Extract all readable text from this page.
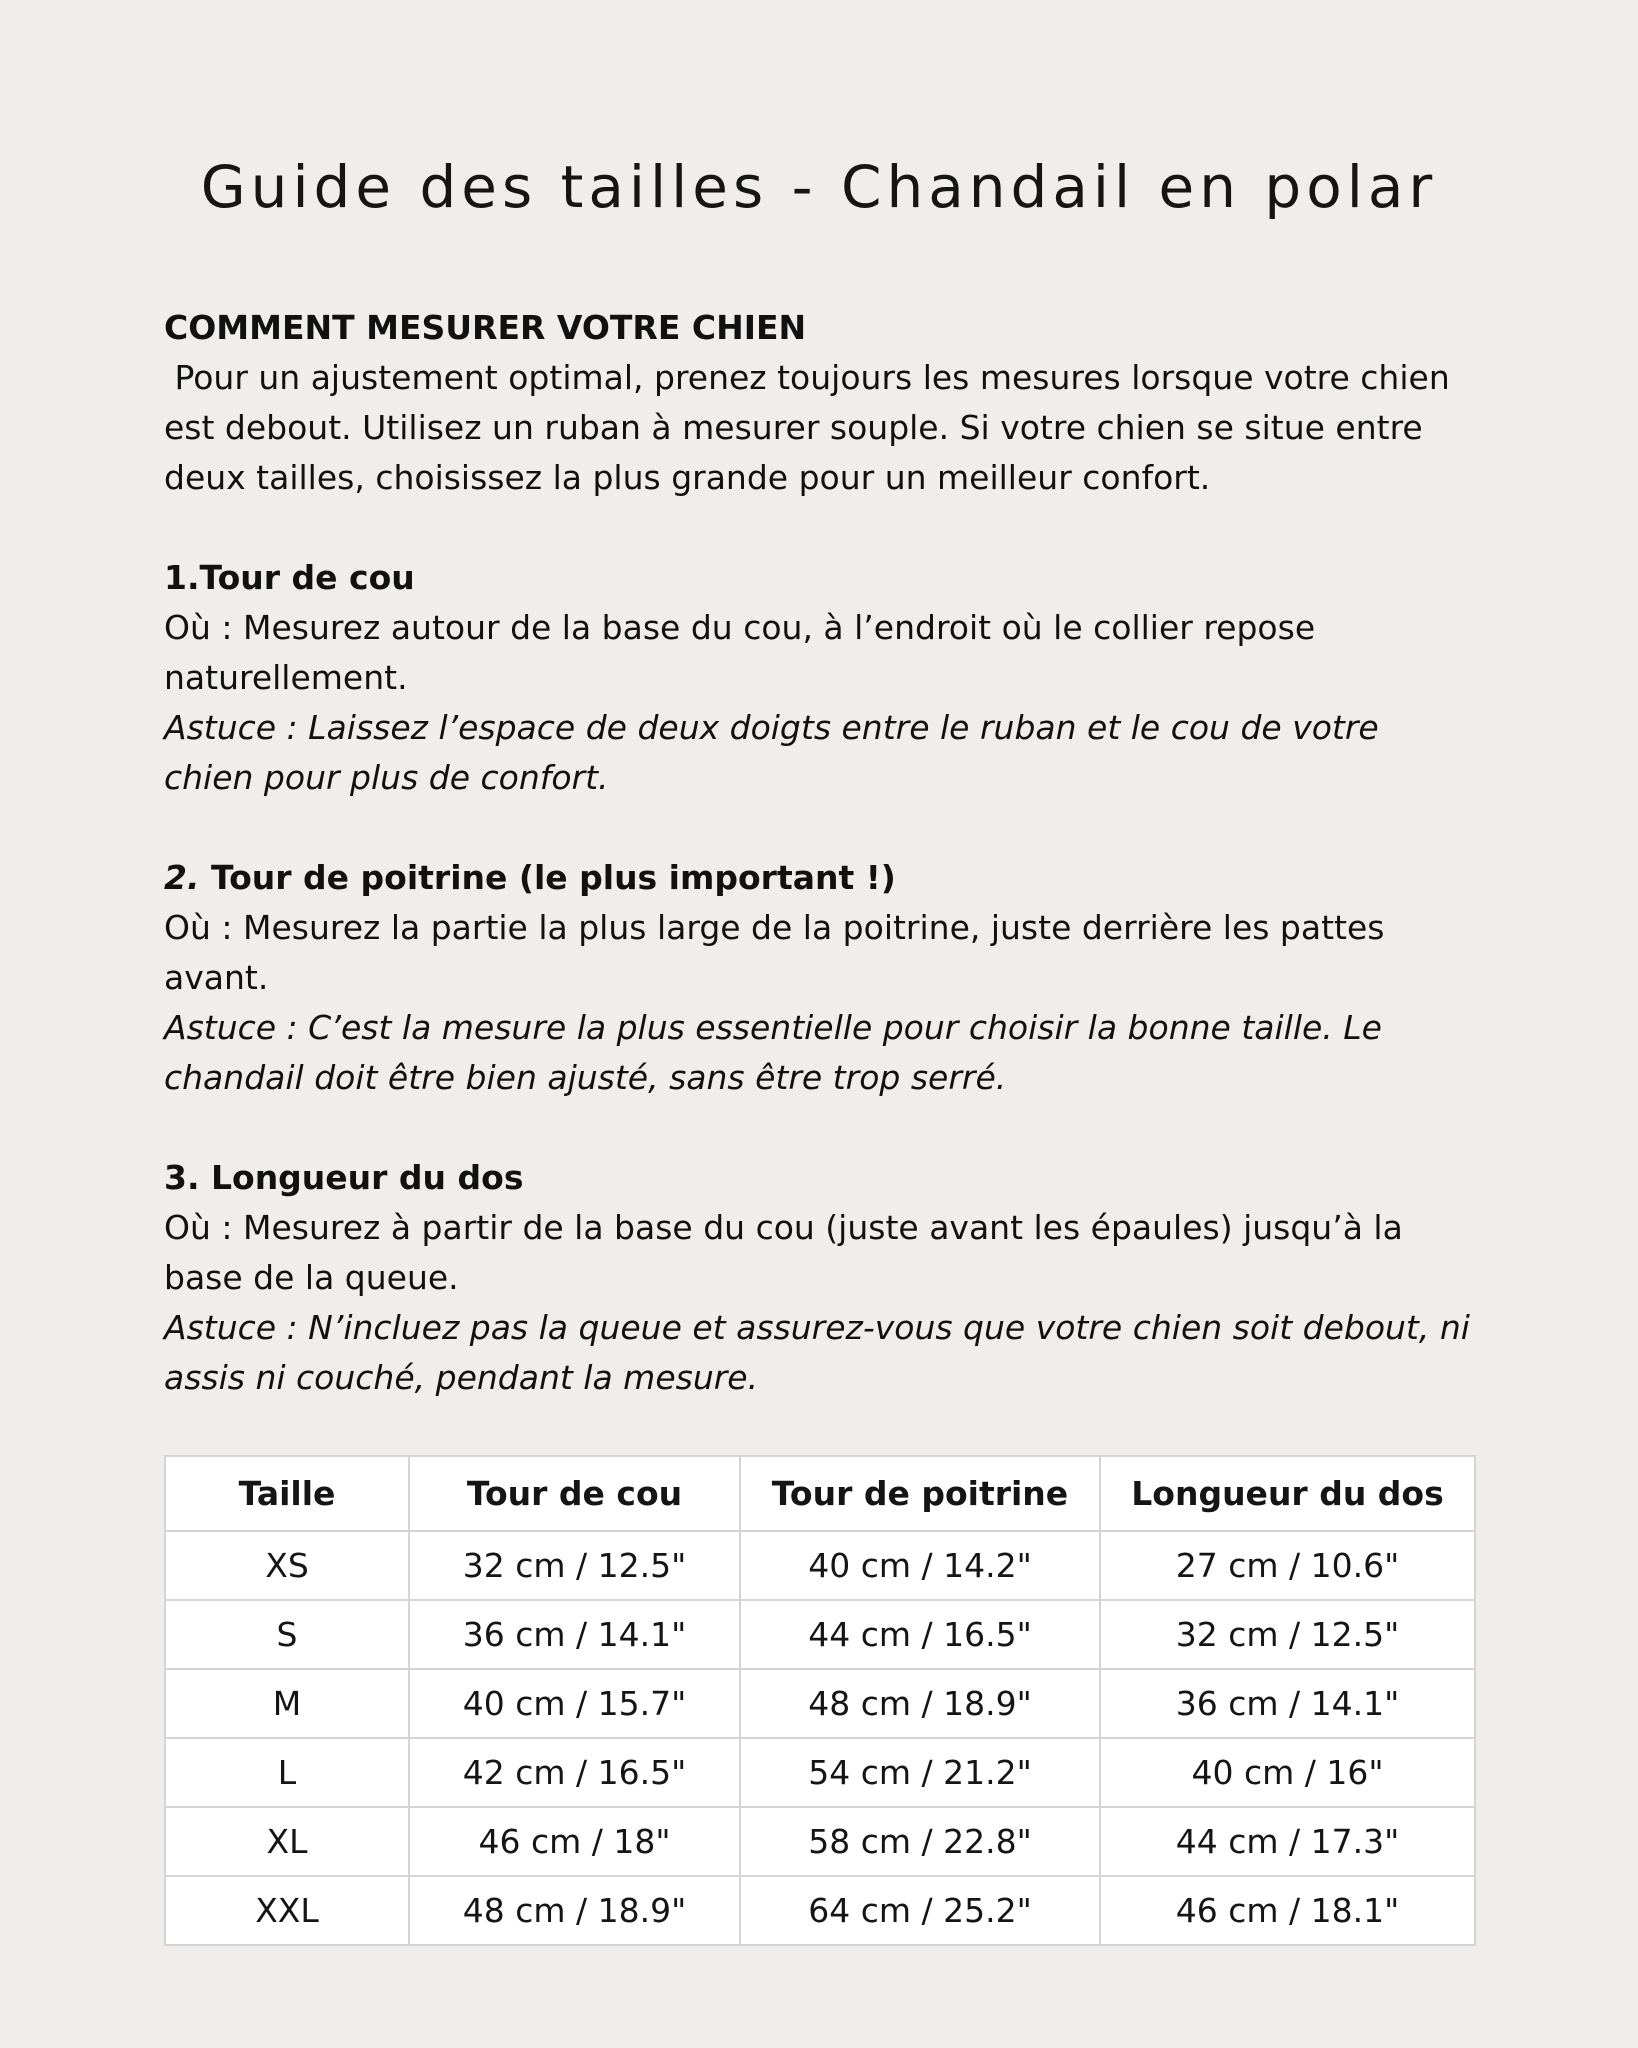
Guide des tailles - Chandail en polar

COMMENT MESURER VOTRE CHIEN

Pour un ajustement optimal, prenez toujours les mesures lorsque votre chien est debout. Utilisez un ruban à mesurer souple. Si votre chien se situe entre deux tailles, choisissez la plus grande pour un meilleur confort.

1.Tour de cou

Où : Mesurez autour de la base du cou, à l’endroit où le collier repose naturellement.

Astuce : Laissez l’espace de deux doigts entre le ruban et le cou de votre chien pour plus de confort.

2. Tour de poitrine (le plus important !)

Où : Mesurez la partie la plus large de la poitrine, juste derrière les pattes avant.

Astuce : C’est la mesure la plus essentielle pour choisir la bonne taille. Le chandail doit être bien ajusté, sans être trop serré.

3. Longueur du dos

Où : Mesurez à partir de la base du cou (juste avant les épaules) jusqu’à la base de la queue.

Astuce : N’incluez pas la queue et assurez-vous que votre chien soit debout, ni assis ni couché, pendant la mesure.

Taille	Tour de cou	Tour de poitrine	Longueur du dos
XS	32 cm / 12.5"	40 cm / 14.2"	27 cm / 10.6"
S	36 cm / 14.1"	44 cm / 16.5"	32 cm / 12.5"
M	40 cm / 15.7"	48 cm / 18.9"	36 cm / 14.1"
L	42 cm / 16.5"	54 cm / 21.2"	40 cm / 16"
XL	46 cm / 18"	58 cm / 22.8"	44 cm / 17.3"
XXL	48 cm / 18.9"	64 cm / 25.2"	46 cm / 18.1"
